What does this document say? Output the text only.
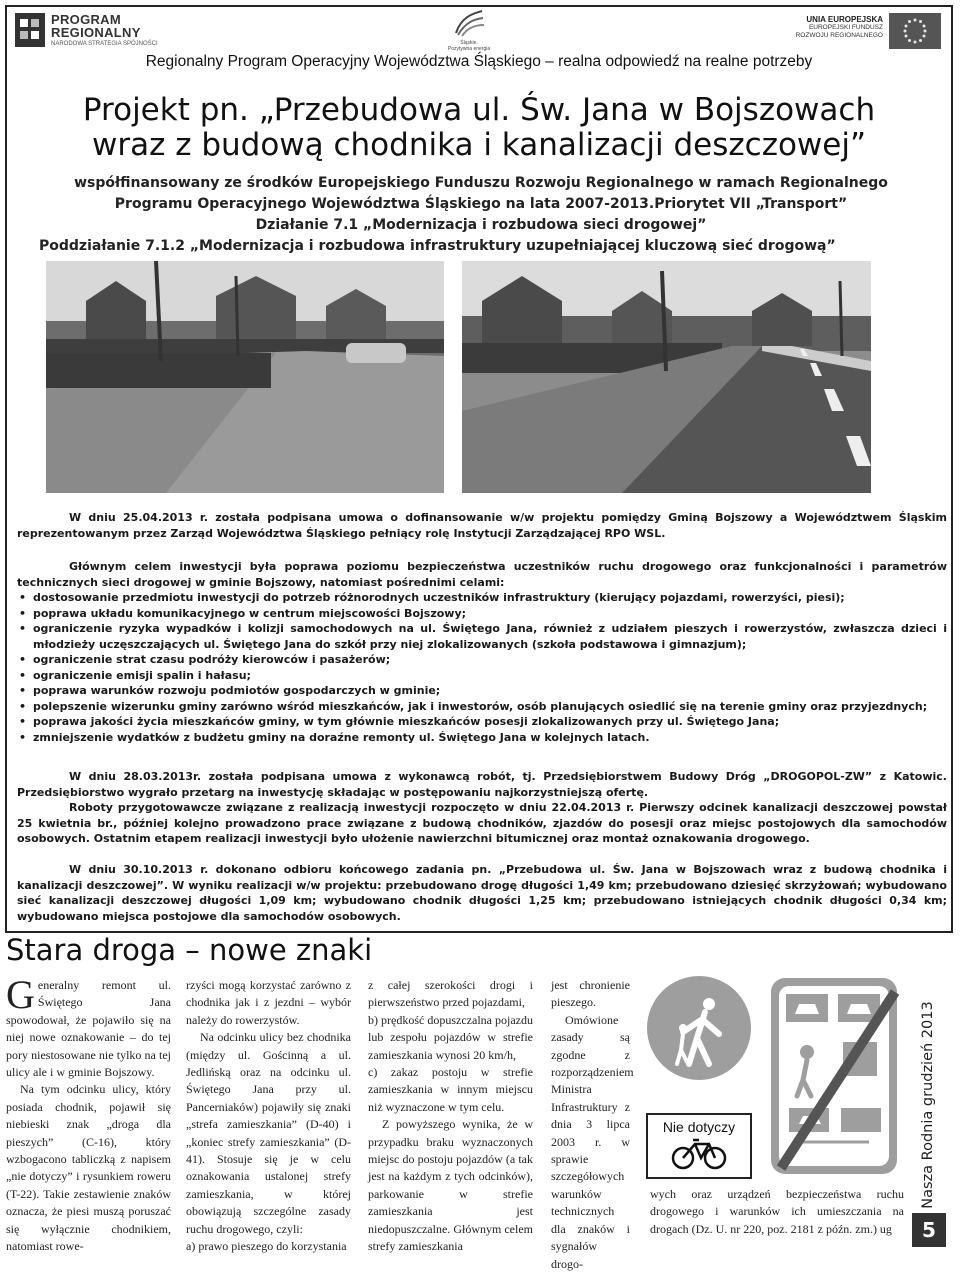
PROGRAM
REGIONALNY
NARODOWA STRATEGIA SPÓJNOŚCI	Śląskie.
Pozytywna energia
UNIA EUROPEJSKA
EUROPEJSKI FUNDUSZ
ROZWOJU REGIONALNEGO
Regionalny Program Operacyjny Województwa Śląskiego – realna odpowiedź na realne potrzeby
Projekt pn. „Przebudowa ul. Św. Jana w Bojszowach
wraz z budową chodnika i kanalizacji deszczowej”
współfinansowany ze środków Europejskiego Funduszu Rozwoju Regionalnego w ramach Regionalnego
Programu Operacyjnego Województwa Śląskiego na lata 2007-2013.Priorytet VII „Transport”
Działanie 7.1 „Modernizacja i rozbudowa sieci drogowej”
Poddziałanie 7.1.2 „Modernizacja i rozbudowa infrastruktury uzupełniającej kluczową sieć drogową”

W dniu 25.04.2013 r. została podpisana umowa o dofinansowanie w/w projektu pomiędzy Gminą Bojszowy a Województwem Śląskim reprezentowanym przez Zarząd Województwa Śląskiego pełniący rolę Instytucji Zarządzającej RPO WSL.

Głównym celem inwestycji była poprawa poziomu bezpieczeństwa uczestników ruchu drogowego oraz funkcjonalności i parametrów technicznych sieci drogowej w gminie Bojszowy, natomiast pośrednimi celami:

• dostosowanie przedmiotu inwestycji do potrzeb różnorodnych uczestników infrastruktury (kierujący pojazdami, rowerzyści, piesi);
• poprawa układu komunikacyjnego w centrum miejscowości Bojszowy;
• ograniczenie ryzyka wypadków i kolizji samochodowych na ul. Świętego Jana, również z udziałem pieszych i rowerzystów, zwłaszcza dzieci i młodzieży uczęszczających ul. Świętego Jana do szkół przy niej zlokalizowanych (szkoła podstawowa i gimnazjum);
• ograniczenie strat czasu podróży kierowców i pasażerów;
• ograniczenie emisji spalin i hałasu;
• poprawa warunków rozwoju podmiotów gospodarczych w gminie;
• polepszenie wizerunku gminy zarówno wśród mieszkańców, jak i inwestorów, osób planujących osiedlić się na terenie gminy oraz przyjezdnych;
• poprawa jakości życia mieszkańców gminy, w tym głównie mieszkańców posesji zlokalizowanych przy ul. Świętego Jana;
• zmniejszenie wydatków z budżetu gminy na doraźne remonty ul. Świętego Jana w kolejnych latach.

W dniu 28.03.2013r. została podpisana umowa z wykonawcą robót, tj. Przedsiębiorstwem Budowy Dróg „DROGOPOL-ZW” z Katowic. Przedsiębiorstwo wygrało przetarg na inwestycję składając w postępowaniu najkorzystniejszą ofertę.

Roboty przygotowawcze związane z realizacją inwestycji rozpoczęto w dniu 22.04.2013 r. Pierwszy odcinek kanalizacji deszczowej powstał 25 kwietnia br., później kolejno prowadzono prace związane z budową chodników, zjazdów do posesji oraz miejsc postojowych dla samochodów osobowych. Ostatnim etapem realizacji inwestycji było ułożenie nawierzchni bitumicznej oraz montaż oznakowania drogowego.

W dniu 30.10.2013 r. dokonano odbioru końcowego zadania pn. „Przebudowa ul. Św. Jana w Bojszowach wraz z budową chodnika i kanalizacji deszczowej”. W wyniku realizacji w/w projektu: przebudowano drogę długości 1,49 km; przebudowano dziesięć skrzyżowań; wybudowano sieć kanalizacji deszczowej długości 1,09 km; wybudowano chodnik długości 1,25 km; przebudowano istniejących chodnik długości 0,34 km; wybudowano miejsca postojowe dla samochodów osobowych.

Stara droga – nowe znaki

Generalny remont ul. Świętego Jana spowodował, że pojawiło się na niej nowe oznakowanie – do tej pory niestosowane nie tylko na tej ulicy ale i w gminie Bojszowy.

Na tym odcinku ulicy, który posiada chodnik, pojawił się niebieski znak „droga dla pieszych” (C-16), który wzbogacono tabliczką z napisem „nie dotyczy” i rysunkiem roweru (T-22). Takie zestawienie znaków oznacza, że piesi muszą poruszać się wyłącznie chodnikiem, natomiast rowe-

rzyści mogą korzystać zarówno z chodnika jak i z jezdni – wybór należy do rowerzystów.

Na odcinku ulicy bez chodnika (między ul. Gościnną a ul. Jedlińską oraz na odcinku ul. Świętego Jana przy ul. Pancerniaków) pojawiły się znaki „strefa zamieszkania” (D-40) i „koniec strefy zamieszkania” (D-41). Stosuje się je w celu oznakowania ustalonej strefy zamieszkania, w której obowiązują szczególne zasady ruchu drogowego, czyli:

a) prawo pieszego do korzystania

z całej szerokości drogi i pierwszeństwo przed pojazdami,

b) prędkość dopuszczalna pojazdu lub zespołu pojazdów w strefie zamieszkania wynosi 20 km/h,

c) zakaz postoju w strefie zamieszkania w innym miejscu niż wyznaczone w tym celu.

Z powyższego wynika, że w przypadku braku wyznaczonych miejsc do postoju pojazdów (a tak jest na każdym z tych odcinków), parkowanie w strefie zamieszkania jest niedopuszczalne. Głównym celem strefy zamieszkania

jest chronienie pieszego.

Omówione zasady są zgodne z rozporządzeniem Ministra Infrastruktury z dnia 3 lipca 2003 r. w sprawie szczegółowych warunków technicznych dla znaków i sygnałów drogo-

Nie dotyczy
wych oraz urządzeń bezpieczeństwa ruchu drogowego i warunków ich umieszczania na drogach (Dz. U. nr 220, poz. 2181 z późn. zm.) ug
Nasza Rodnia grudzień 2013
5
